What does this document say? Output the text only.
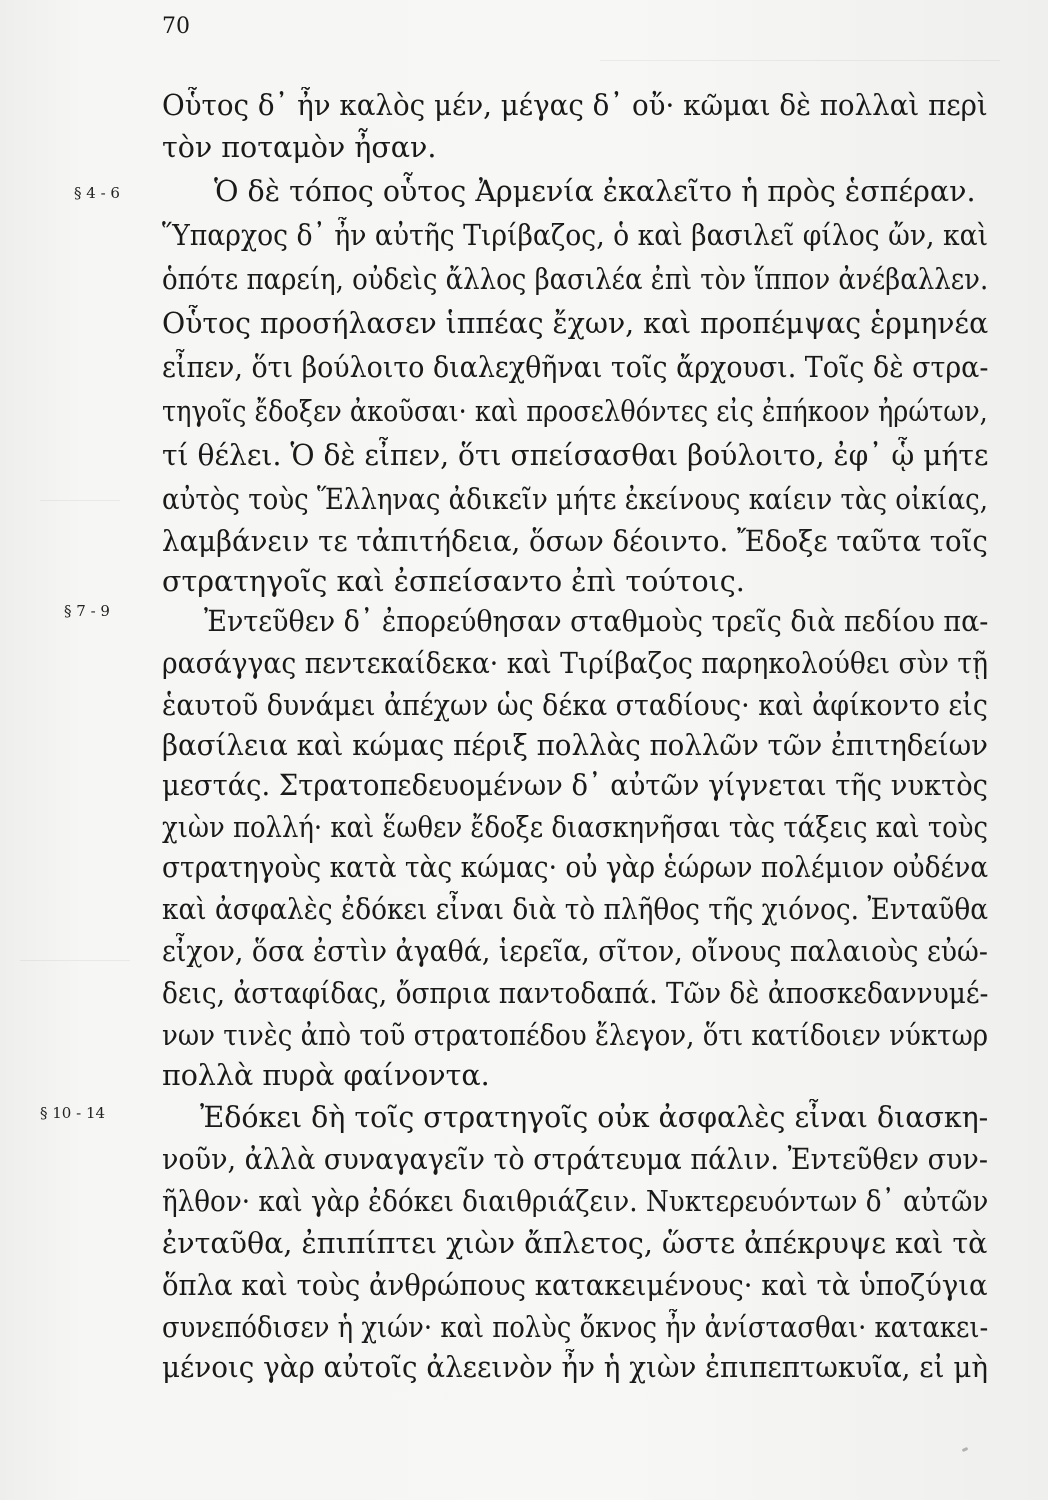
70
§ 4 - 6
§ 7 - 9
§ 10 - 14
Οὗτος δ᾿ ἦν καλὸς μέν, μέγας δ᾿ οὔ· κῶμαι δὲ πολλαὶ περὶ
τὸν ποταμὸν ἦσαν.
Ὁ δὲ τόπος οὗτος Ἀρμενία ἐκαλεῖτο ἡ πρὸς ἑσπέραν.
Ὕπαρχος δ᾿ ἦν αὐτῆς Τιρίβαζος, ὁ καὶ βασιλεῖ φίλος ὤν, καὶ
ὁπότε παρείη, οὐδεὶς ἄλλος βασιλέα ἐπὶ τὸν ἵππον ἀνέβαλλεν.
Οὗτος προσήλασεν ἱππέας ἔχων, καὶ προπέμψας ἑρμηνέα
εἶπεν, ὅτι βούλοιτο διαλεχθῆναι τοῖς ἄρχουσι. Τοῖς δὲ στρα-
τηγοῖς ἔδοξεν ἀκοῦσαι· καὶ προσελθόντες εἰς ἐπήκοον ἠρώτων,
τί θέλει. Ὁ δὲ εἶπεν, ὅτι σπείσασθαι βούλοιτο, ἐφ᾿ ᾧ μήτε
αὐτὸς τοὺς Ἕλληνας ἀδικεῖν μήτε ἐκείνους καίειν τὰς οἰκίας,
λαμβάνειν τε τἀπιτήδεια, ὅσων δέοιντο. Ἔδοξε ταῦτα τοῖς
στρατηγοῖς καὶ ἐσπείσαντο ἐπὶ τούτοις.
Ἐντεῦθεν δ᾿ ἐπορεύθησαν σταθμοὺς τρεῖς διὰ πεδίου πα-
ρασάγγας πεντεκαίδεκα· καὶ Τιρίβαζος παρηκολούθει σὺν τῇ
ἑαυτοῦ δυνάμει ἀπέχων ὡς δέκα σταδίους· καὶ ἀφίκοντο εἰς
βασίλεια καὶ κώμας πέριξ πολλὰς πολλῶν τῶν ἐπιτηδείων
μεστάς. Στρατοπεδευομένων δ᾿ αὐτῶν γίγνεται τῆς νυκτὸς
χιὼν πολλή· καὶ ἕωθεν ἔδοξε διασκηνῆσαι τὰς τάξεις καὶ τοὺς
στρατηγοὺς κατὰ τὰς κώμας· οὐ γὰρ ἑώρων πολέμιον οὐδένα
καὶ ἀσφαλὲς ἐδόκει εἶναι διὰ τὸ πλῆθος τῆς χιόνος. Ἐνταῦθα
εἶχον, ὅσα ἐστὶν ἀγαθά, ἱερεῖα, σῖτον, οἴνους παλαιοὺς εὐώ-
δεις, ἀσταφίδας, ὄσπρια παντοδαπά. Τῶν δὲ ἀποσκεδαννυμέ-
νων τινὲς ἀπὸ τοῦ στρατοπέδου ἔλεγον, ὅτι κατίδοιεν νύκτωρ
πολλὰ πυρὰ φαίνοντα.
Ἐδόκει δὴ τοῖς στρατηγοῖς οὐκ ἀσφαλὲς εἶναι διασκη-
νοῦν, ἀλλὰ συναγαγεῖν τὸ στράτευμα πάλιν. Ἐντεῦθεν συν-
ῆλθον· καὶ γὰρ ἐδόκει διαιθριάζειν. Νυκτερευόντων δ᾿ αὐτῶν
ἐνταῦθα, ἐπιπίπτει χιὼν ἄπλετος, ὥστε ἀπέκρυψε καὶ τὰ
ὅπλα καὶ τοὺς ἀνθρώπους κατακειμένους· καὶ τὰ ὑποζύγια
συνεπόδισεν ἡ χιών· καὶ πολὺς ὄκνος ἦν ἀνίστασθαι· κατακει-
μένοις γὰρ αὐτοῖς ἀλεεινὸν ἦν ἡ χιὼν ἐπιπεπτωκυῖα, εἰ μὴ
